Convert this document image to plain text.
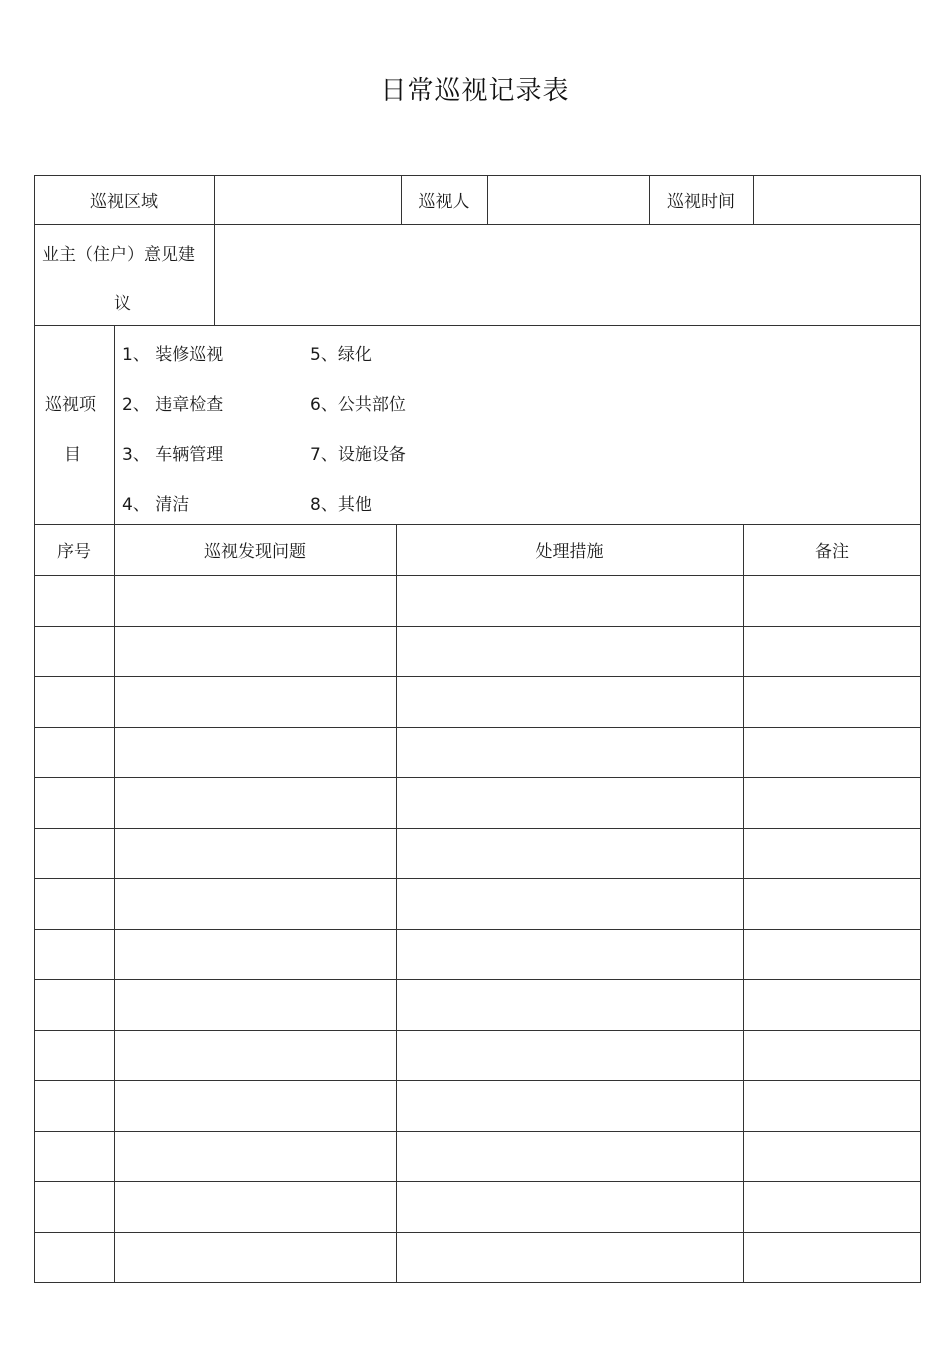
日常巡视记录表
巡视区域	巡视人	巡视时间
业主（住户）意见建
议
巡视项
目
1、 装修巡视
2、 违章检查
3、 车辆管理
4、 清洁
5、绿化
6、公共部位
7、设施设备
8、其他
序号	巡视发现问题	处理措施	备注
